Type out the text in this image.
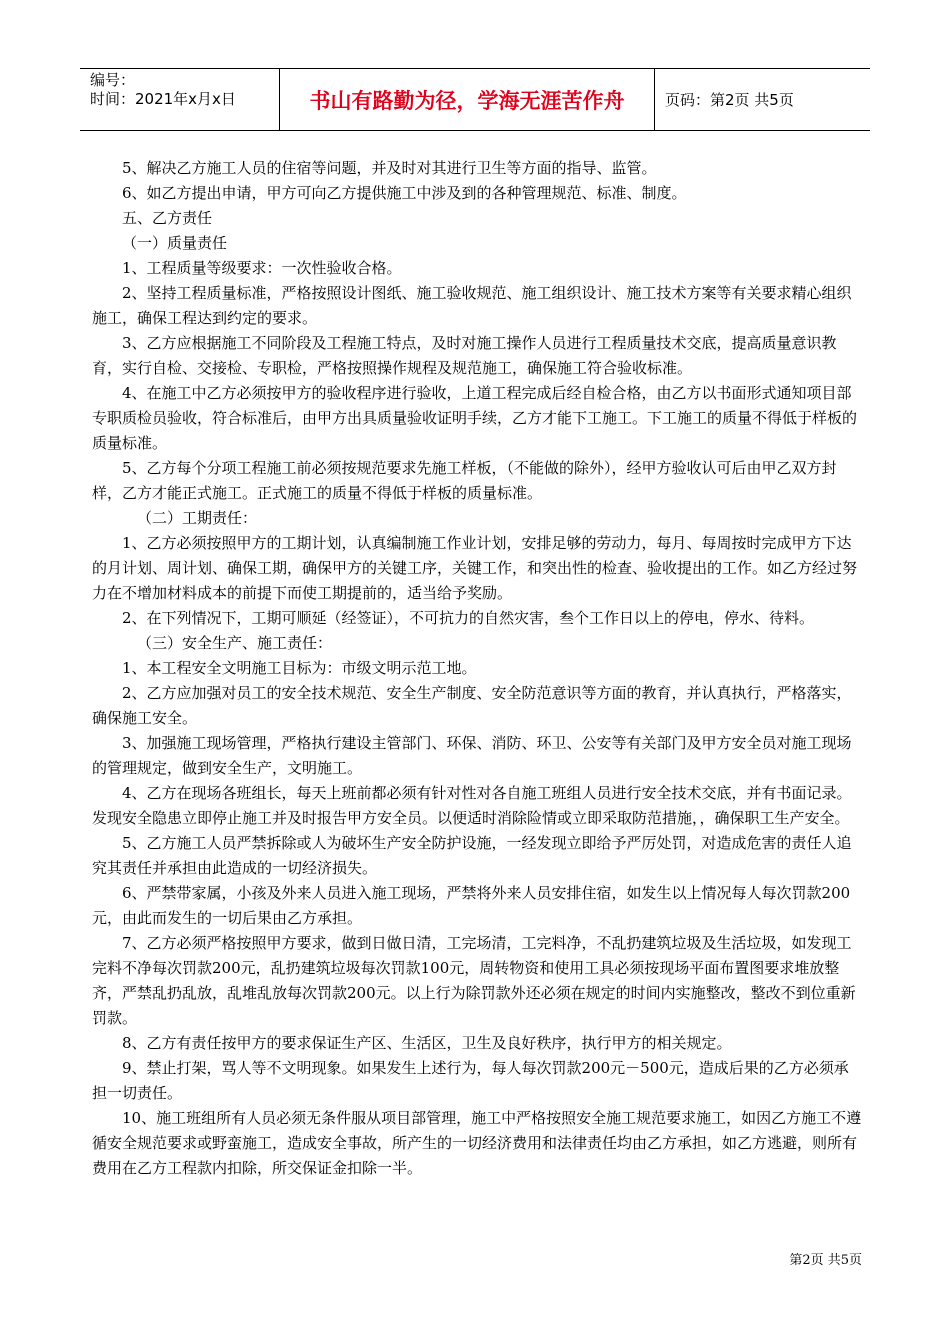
编号：
时间：2021年x月x日	书山有路勤为径，学海无涯苦作舟	页码：第2页 共5页

5、解决乙方施工人员的住宿等问题，并及时对其进行卫生等方面的指导、监管。

6、如乙方提出申请，甲方可向乙方提供施工中涉及到的各种管理规范、标准、制度。

五、乙方责任

（一）质量责任

1、工程质量等级要求：一次性验收合格。

2、坚持工程质量标准，严格按照设计图纸、施工验收规范、施工组织设计、施工技术方案等有关要求精心组织施工，确保工程达到约定的要求。

3、乙方应根据施工不同阶段及工程施工特点，及时对施工操作人员进行工程质量技术交底，提高质量意识教育，实行自检、交接检、专职检，严格按照操作规程及规范施工，确保施工符合验收标准。

4、在施工中乙方必须按甲方的验收程序进行验收，上道工程完成后经自检合格，由乙方以书面形式通知项目部专职质检员验收，符合标准后，由甲方出具质量验收证明手续，乙方才能下工施工。下工施工的质量不得低于样板的质量标准。

5、乙方每个分项工程施工前必须按规范要求先施工样板，（不能做的除外），经甲方验收认可后由甲乙双方封样，乙方才能正式施工。正式施工的质量不得低于样板的质量标准。

（二）工期责任：

1、乙方必须按照甲方的工期计划，认真编制施工作业计划，安排足够的劳动力，每月、每周按时完成甲方下达的月计划、周计划、确保工期，确保甲方的关键工序，关键工作，和突出性的检查、验收提出的工作。如乙方经过努力在不增加材料成本的前提下而使工期提前的，适当给予奖励。

2、在下列情况下，工期可顺延（经签证），不可抗力的自然灾害，叁个工作日以上的停电，停水、待料。

（三）安全生产、施工责任：

1、本工程安全文明施工目标为：市级文明示范工地。

2、乙方应加强对员工的安全技术规范、安全生产制度、安全防范意识等方面的教育，并认真执行，严格落实，确保施工安全。

3、加强施工现场管理，严格执行建设主管部门、环保、消防、环卫、公安等有关部门及甲方安全员对施工现场的管理规定，做到安全生产，文明施工。

4、乙方在现场各班组长，每天上班前都必须有针对性对各自施工班组人员进行安全技术交底，并有书面记录。发现安全隐患立即停止施工并及时报告甲方安全员。以便适时消除险情或立即采取防范措施，，确保职工生产安全。

5、乙方施工人员严禁拆除或人为破坏生产安全防护设施，一经发现立即给予严厉处罚，对造成危害的责任人追究其责任并承担由此造成的一切经济损失。

6、严禁带家属，小孩及外来人员进入施工现场，严禁将外来人员安排住宿，如发生以上情况每人每次罚款200元，由此而发生的一切后果由乙方承担。

7、乙方必须严格按照甲方要求，做到日做日清，工完场清，工完料净，不乱扔建筑垃圾及生活垃圾，如发现工完料不净每次罚款200元，乱扔建筑垃圾每次罚款100元，周转物资和使用工具必须按现场平面布置图要求堆放整齐，严禁乱扔乱放，乱堆乱放每次罚款200元。以上行为除罚款外还必须在规定的时间内实施整改，整改不到位重新罚款。

8、乙方有责任按甲方的要求保证生产区、生活区，卫生及良好秩序，执行甲方的相关规定。

9、禁止打架，骂人等不文明现象。如果发生上述行为，每人每次罚款200元－500元，造成后果的乙方必须承担一切责任。

10、施工班组所有人员必须无条件服从项目部管理，施工中严格按照安全施工规范要求施工，如因乙方施工不遵循安全规范要求或野蛮施工，造成安全事故，所产生的一切经济费用和法律责任均由乙方承担，如乙方逃避，则所有费用在乙方工程款内扣除，所交保证金扣除一半。

第2页 共5页
